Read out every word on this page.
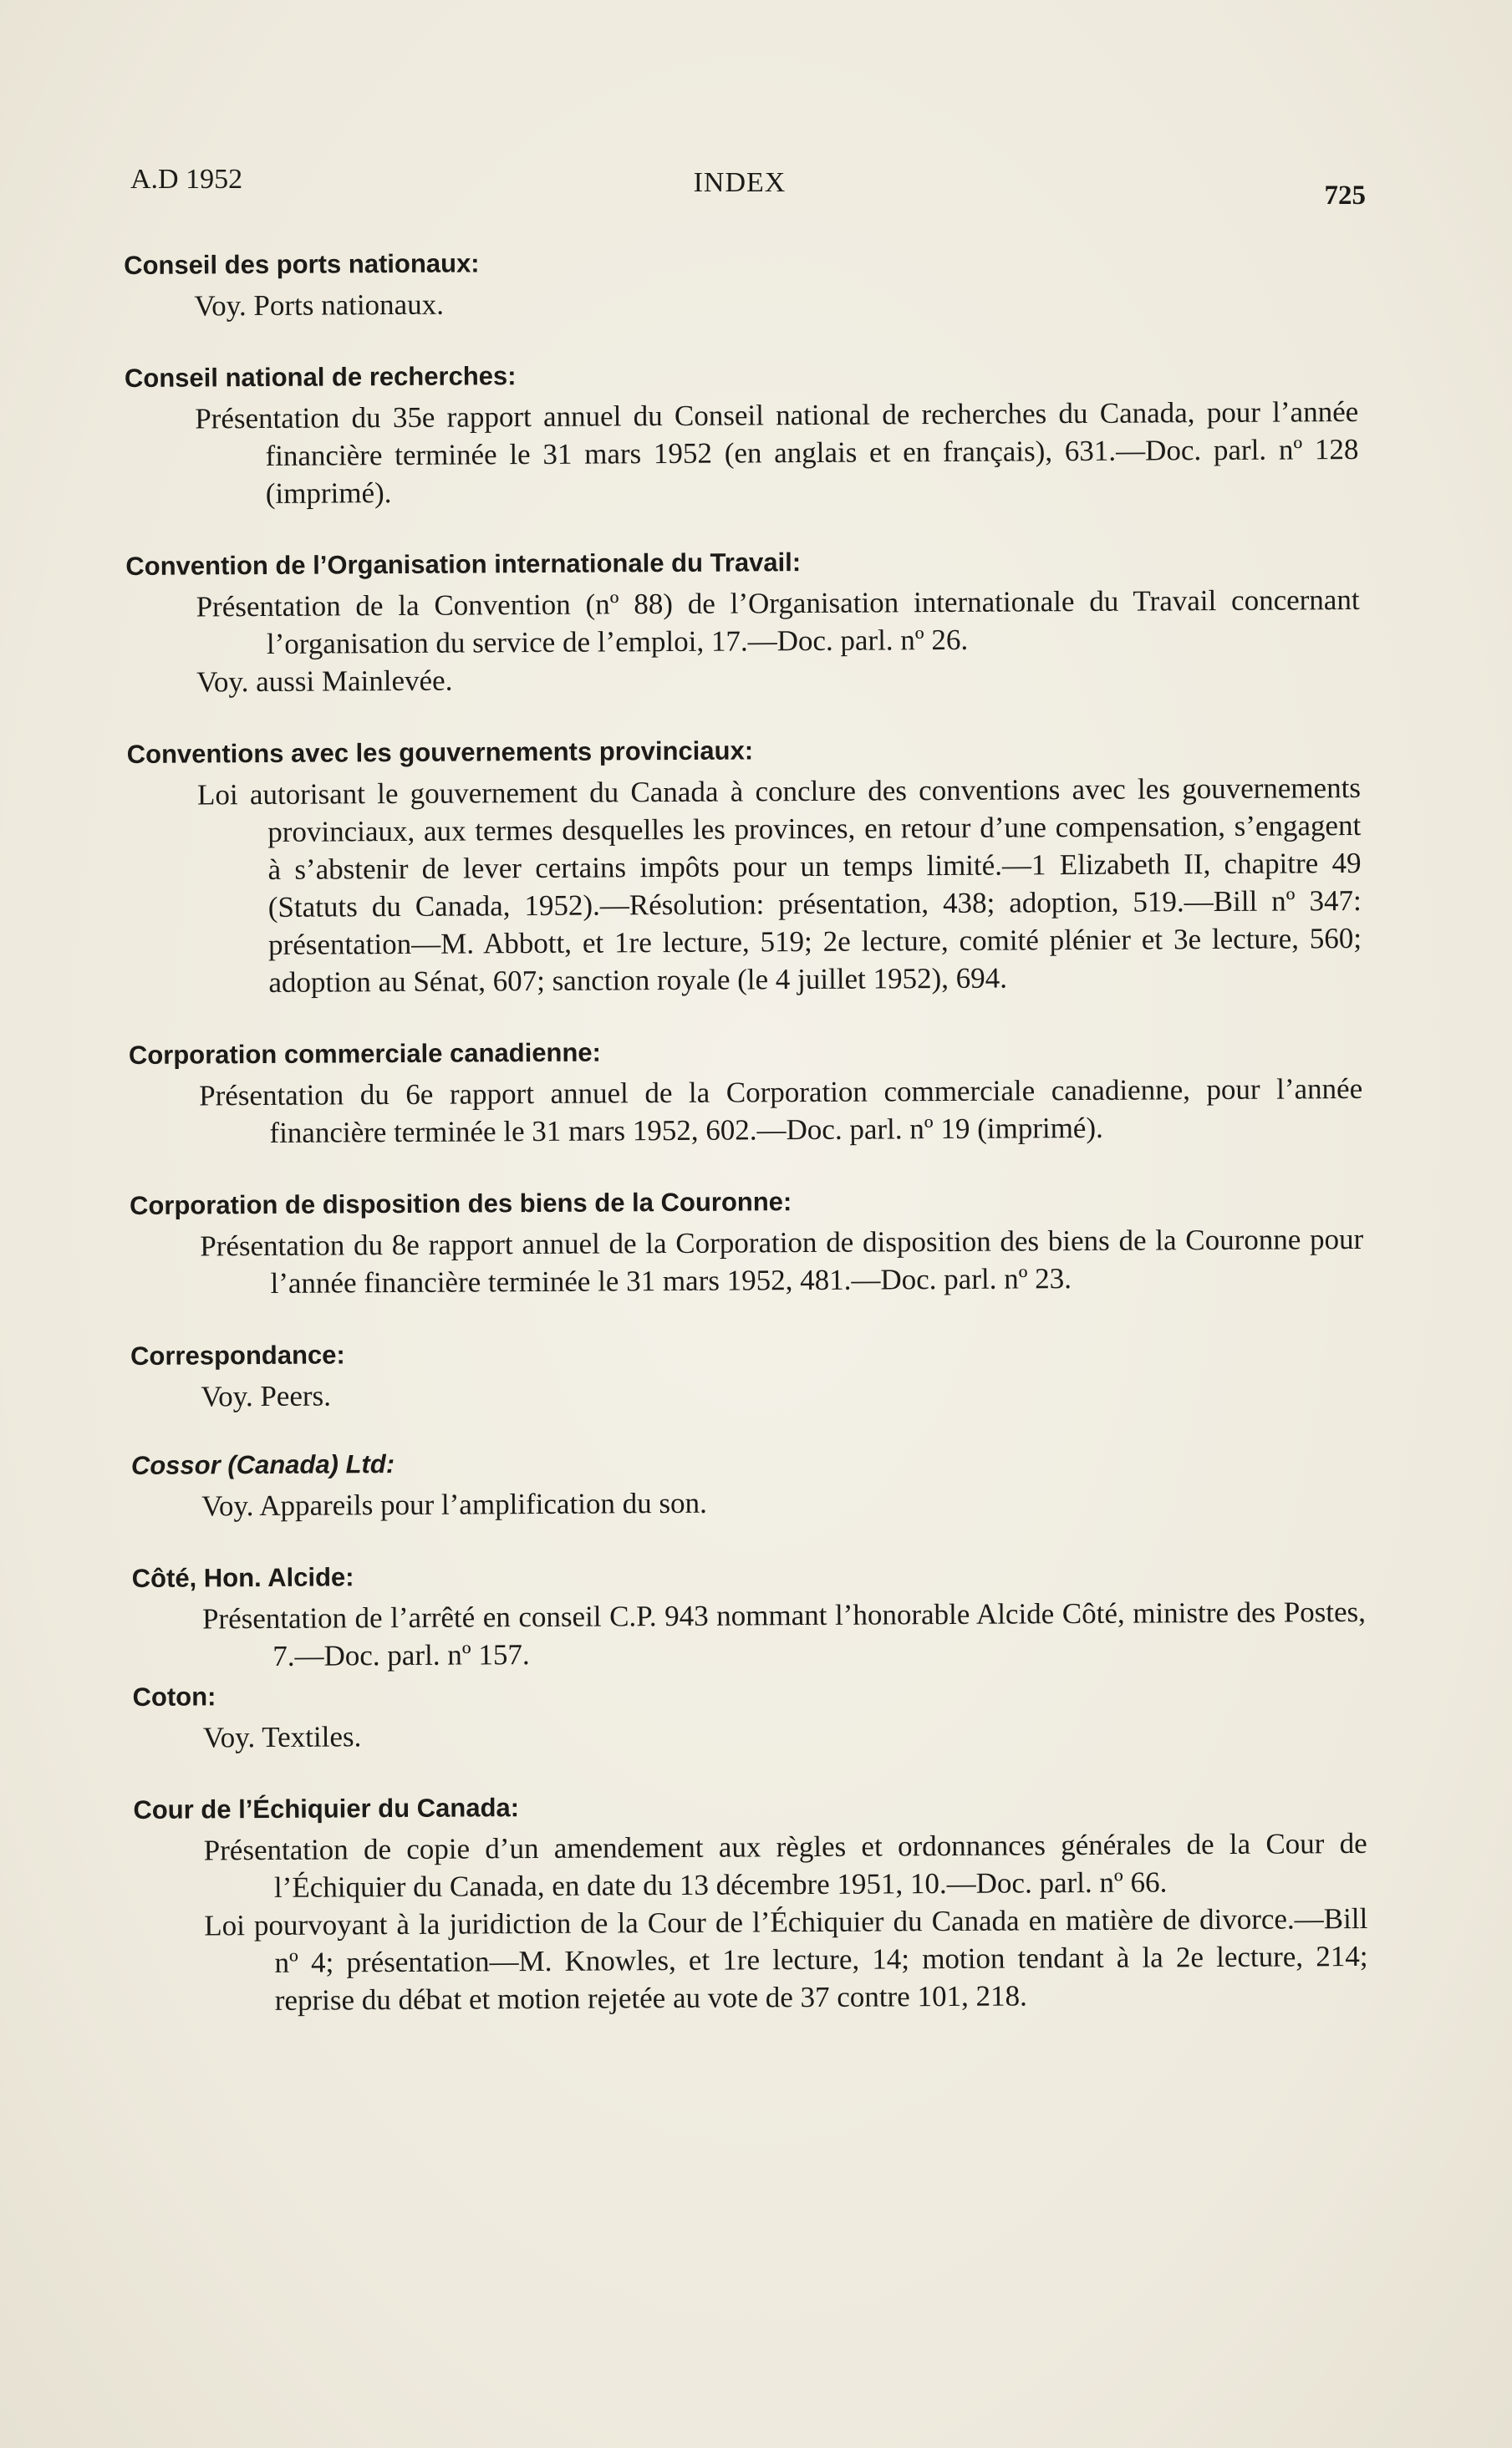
A.D 1952	INDEX	725
Conseil des ports nationaux:
Voy. Ports nationaux.
Conseil national de recherches:
Présentation du 35e rapport annuel du Conseil national de recherches du Canada, pour l’année financière terminée le 31 mars 1952 (en anglais et en français), 631.—Doc. parl. nº 128 (imprimé).
Convention de l’Organisation internationale du Travail:
Présentation de la Convention (nº 88) de l’Organisation internationale du Travail concernant l’organisation du service de l’emploi, 17.—Doc. parl. nº 26.
Voy. aussi Mainlevée.
Conventions avec les gouvernements provinciaux:
Loi autorisant le gouvernement du Canada à conclure des conventions avec les gouvernements provinciaux, aux termes desquelles les provinces, en retour d’une compensation, s’engagent à s’abstenir de lever certains impôts pour un temps limité.—1 Elizabeth II, chapitre 49 (Statuts du Canada, 1952).—Résolution: présentation, 438; adoption, 519.—Bill nº 347: présentation—M. Abbott, et 1re lecture, 519; 2e lecture, comité plénier et 3e lecture, 560; adoption au Sénat, 607; sanction royale (le 4 juillet 1952), 694.
Corporation commerciale canadienne:
Présentation du 6e rapport annuel de la Corporation commerciale canadienne, pour l’année financière terminée le 31 mars 1952, 602.—Doc. parl. nº 19 (imprimé).
Corporation de disposition des biens de la Couronne:
Présentation du 8e rapport annuel de la Corporation de disposition des biens de la Couronne pour l’année financière terminée le 31 mars 1952, 481.—Doc. parl. nº 23.
Correspondance:
Voy. Peers.
Cossor (Canada) Ltd:
Voy. Appareils pour l’amplification du son.
Côté, Hon. Alcide:
Présentation de l’arrêté en conseil C.P. 943 nommant l’honorable Alcide Côté, ministre des Postes, 7.—Doc. parl. nº 157.
Coton:
Voy. Textiles.
Cour de l’Échiquier du Canada:
Présentation de copie d’un amendement aux règles et ordonnances générales de la Cour de l’Échiquier du Canada, en date du 13 décembre 1951, 10.—Doc. parl. nº 66.
Loi pourvoyant à la juridiction de la Cour de l’Échiquier du Canada en matière de divorce.—Bill nº 4; présentation—M. Knowles, et 1re lecture, 14; motion tendant à la 2e lecture, 214; reprise du débat et motion rejetée au vote de 37 contre 101, 218.
